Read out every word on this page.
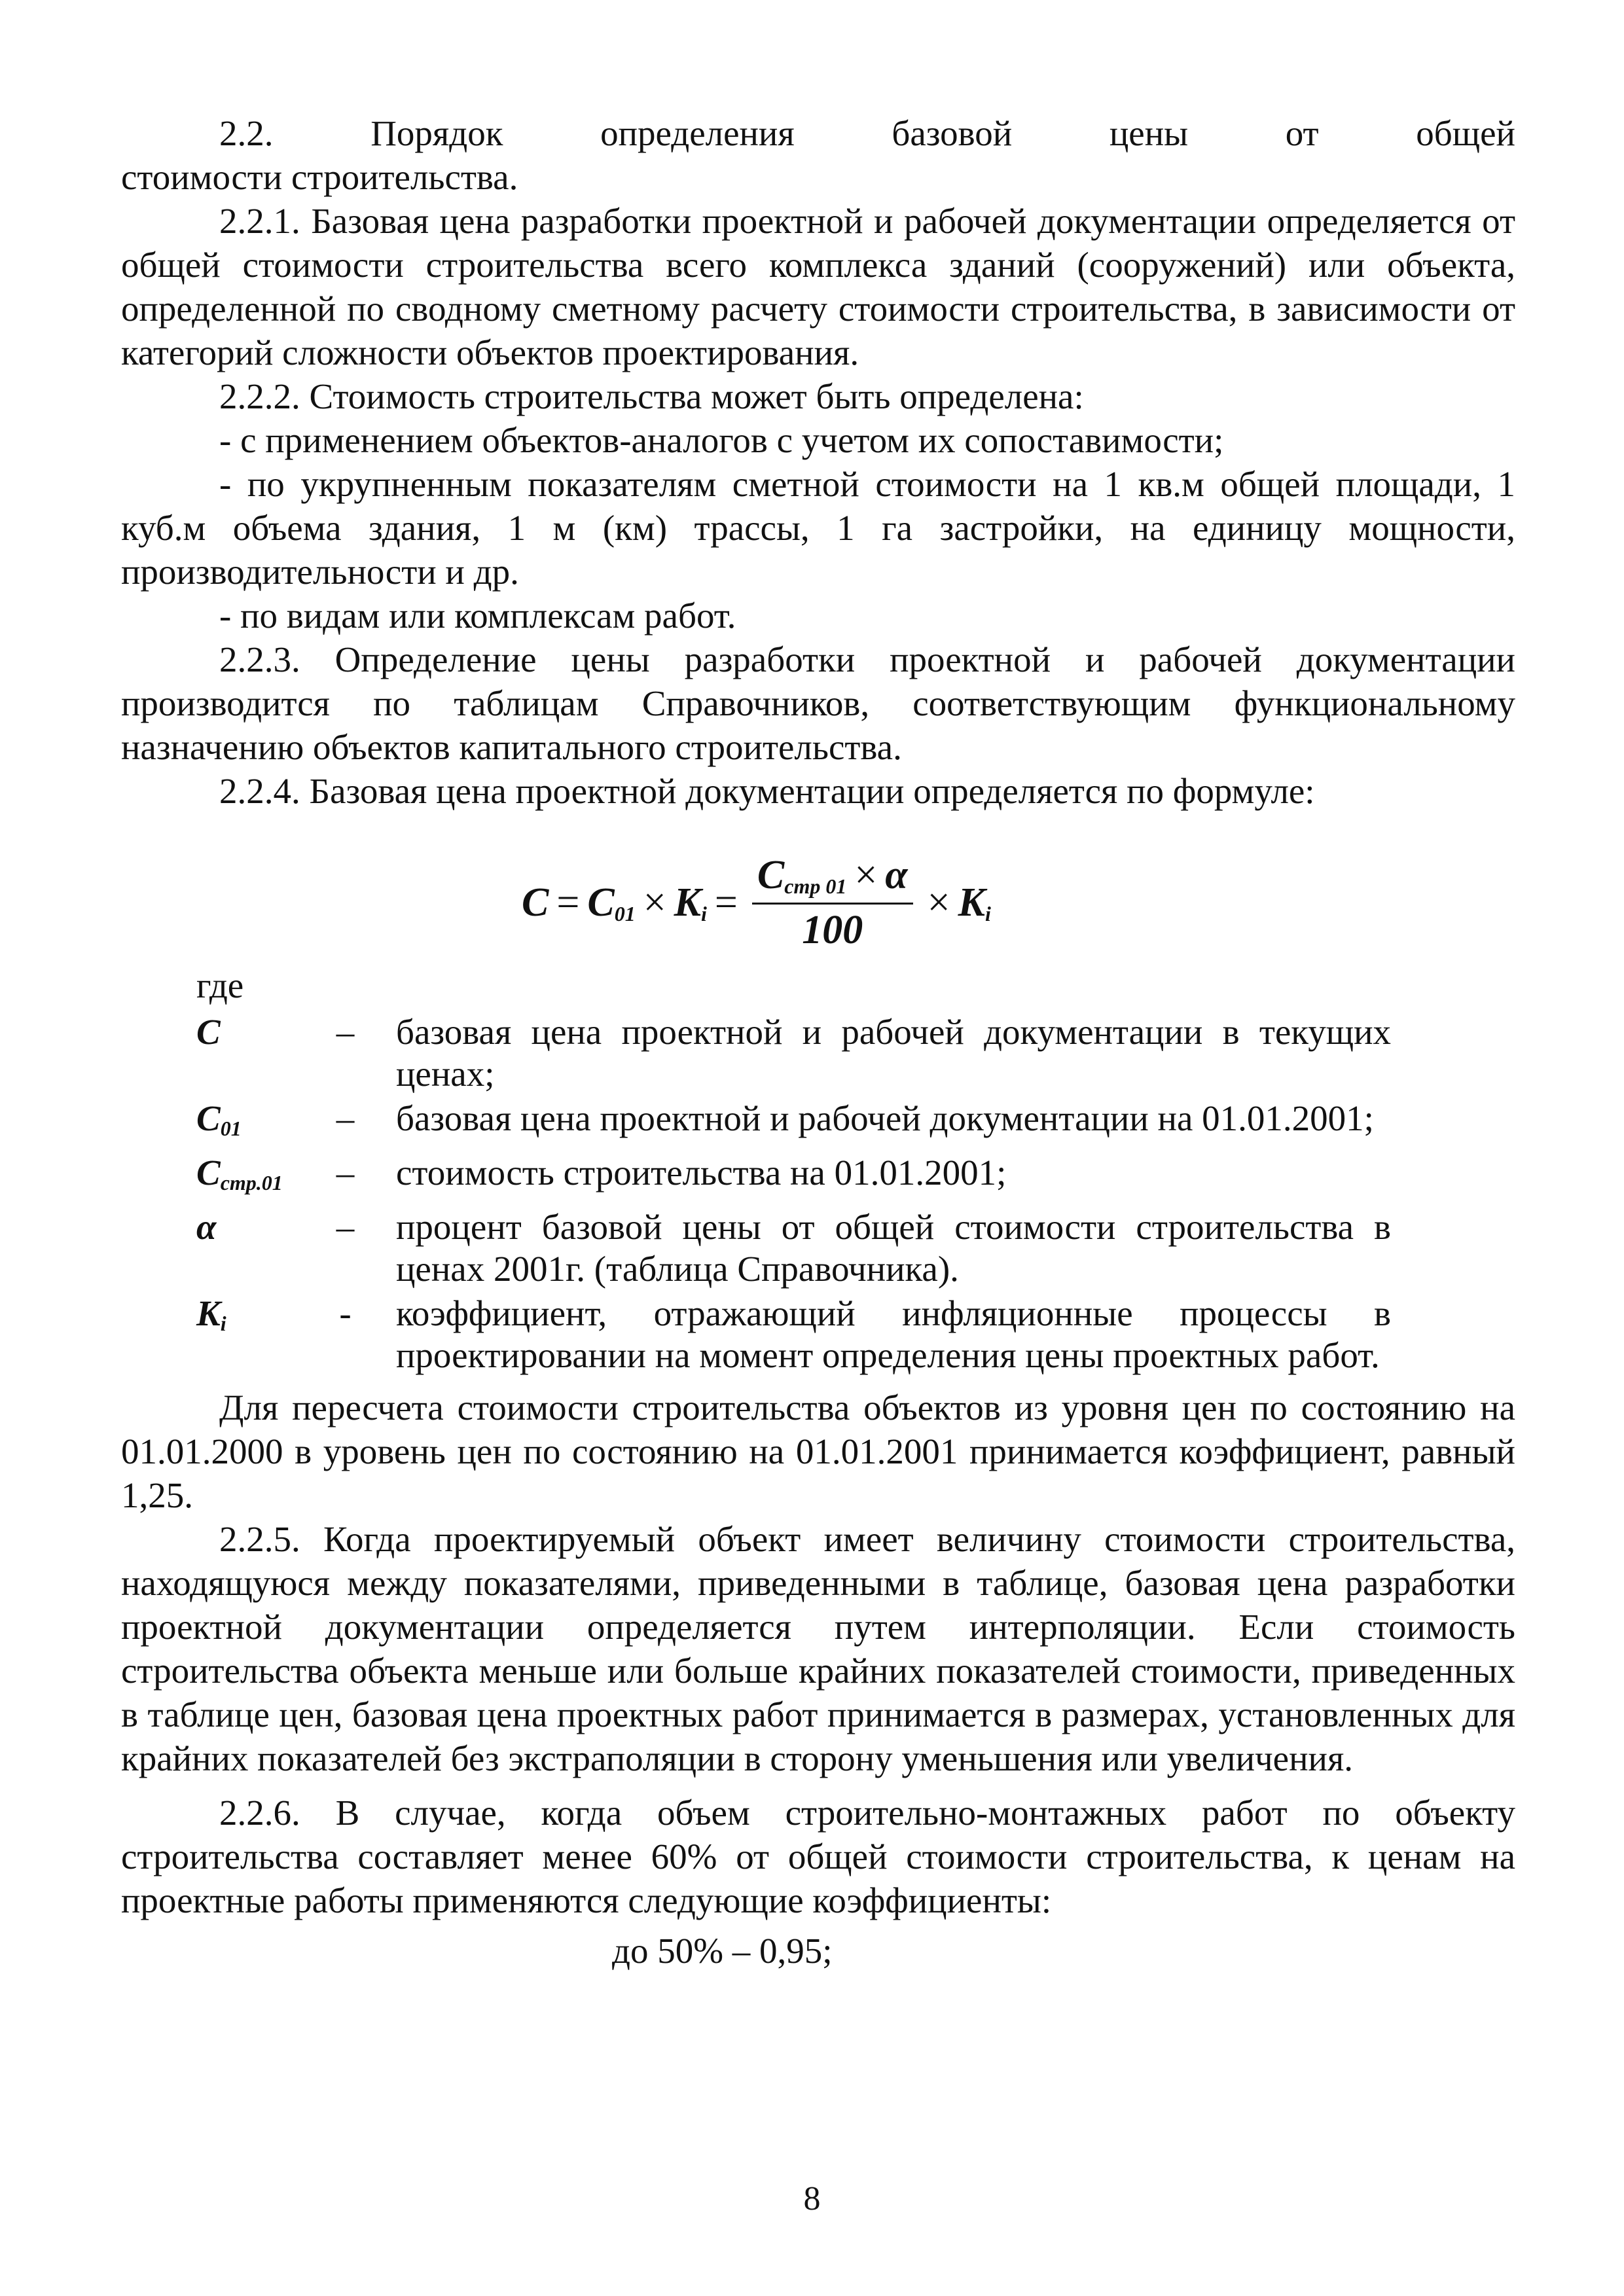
2.2.	Порядок	определения	базовой	цены	от	общей

стоимости строительства.

2.2.1. Базовая цена разработки проектной и рабочей документации определяется от общей стоимости строительства всего комплекса зданий (сооружений) или объекта, определенной по сводному сметному расчету стоимости строительства, в зависимости от категорий сложности объектов проектирования.

2.2.2. Стоимость строительства может быть определена:

- с применением объектов-аналогов с учетом их сопоставимости;

- по укрупненным показателям сметной стоимости на 1 кв.м общей площади, 1 куб.м объема здания, 1 м (км) трассы, 1 га застройки, на единицу мощности, производительности и др.

- по видам или комплексам работ.

2.2.3. Определение цены разработки проектной и рабочей документации производится по таблицам Справочников, соответствующим функциональному назначению объектов капитального строительства.

2.2.4. Базовая цена проектной документации определяется по формуле:

$C = C_{01} \times K_i = \frac{C_{стр 01} \times \alpha}{100} \times K_i$
где
C	–	базовая цена проектной и рабочей документации в текущих ценах;
$C_{01}$	–	базовая цена проектной и рабочей документации на 01.01.2001;
$C_{стр.01}$	–	стоимость строительства на 01.01.2001;
α	–	процент базовой цены от общей стоимости строительства в ценах 2001г. (таблица Справочника).
$K_i$	-	коэффициент, отражающий инфляционные процессы в проектировании на момент определения цены проектных работ.

Для пересчета стоимости строительства объектов из уровня цен по состоянию на 01.01.2000 в уровень цен по состоянию на 01.01.2001 принимается коэффициент, равный 1,25.

2.2.5. Когда проектируемый объект имеет величину стоимости строительства, находящуюся между показателями, приведенными в таблице, базовая цена разработки проектной документации определяется путем интерполяции. Если стоимость строительства объекта меньше или больше крайних показателей стоимости, приведенных в таблице цен, базовая цена проектных работ принимается в размерах, установленных для крайних показателей без экстраполяции в сторону уменьшения или увеличения.

2.2.6. В случае, когда объем строительно-монтажных работ по объекту строительства составляет менее 60% от общей стоимости строительства, к ценам на проектные работы применяются следующие коэффициенты:

до 50% – 0,95;
8
